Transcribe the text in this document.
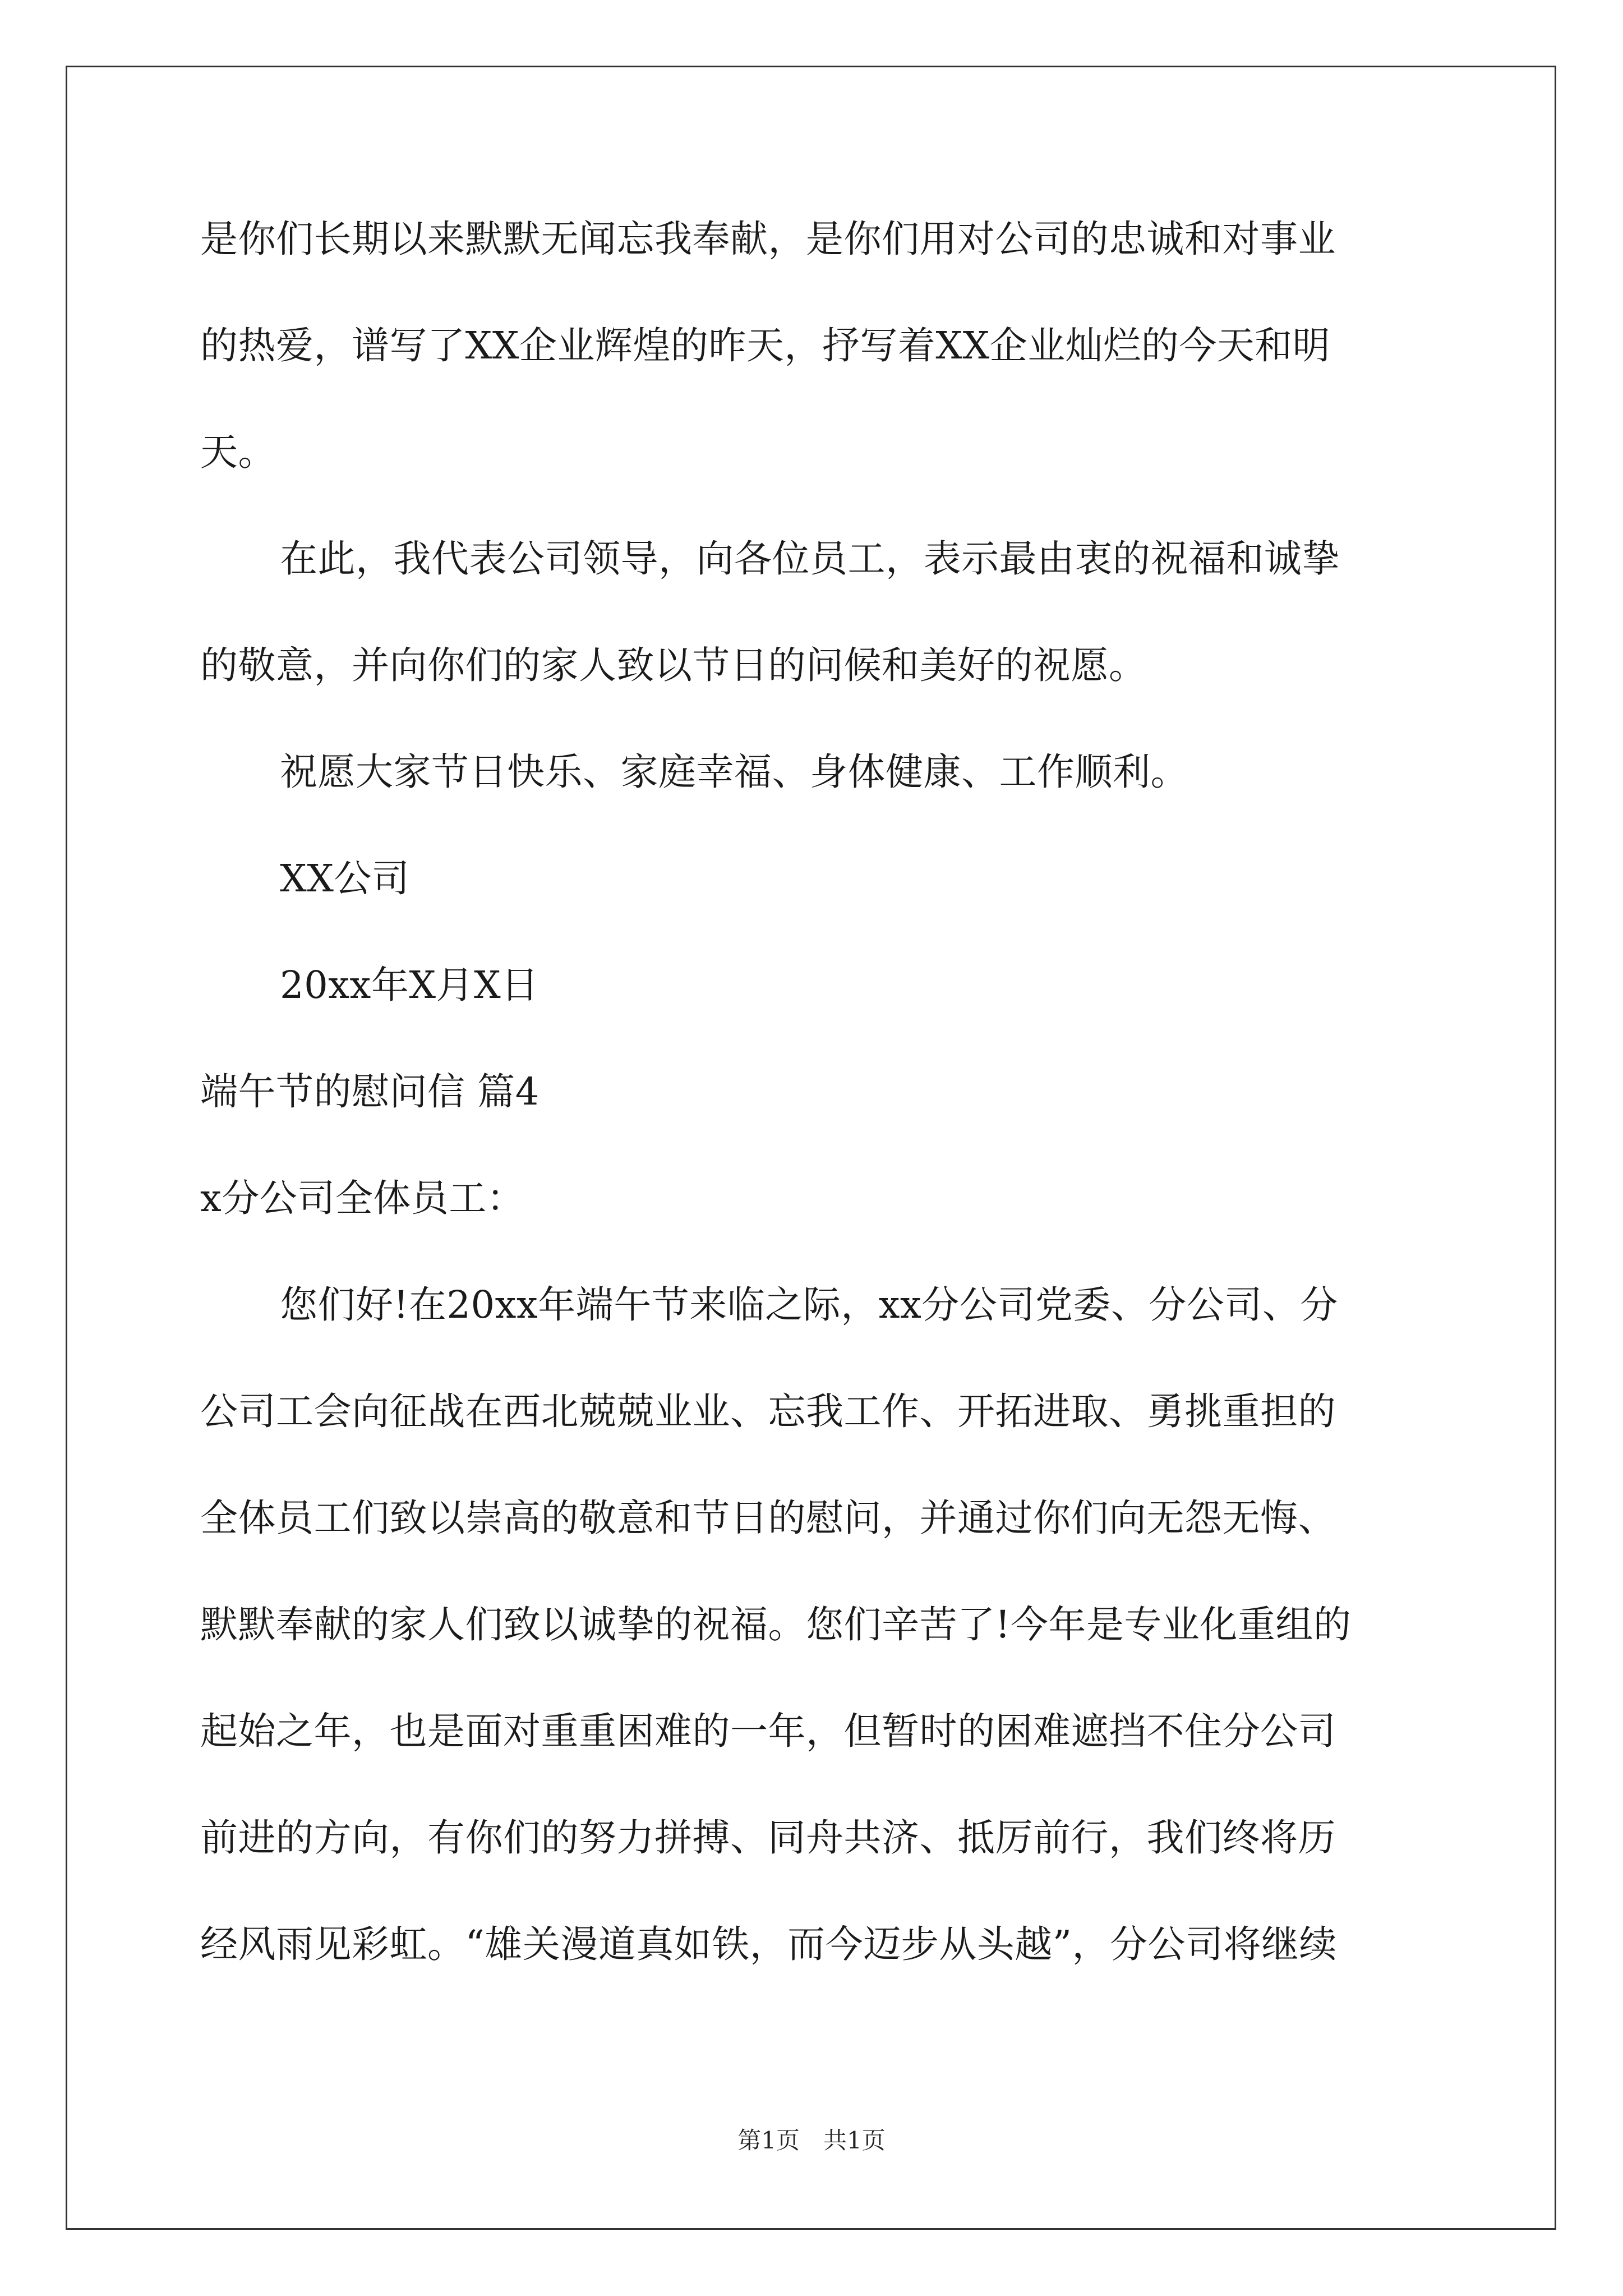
是你们长期以来默默无闻忘我奉献，是你们用对公司的忠诚和对事业
的热爱，谱写了XX企业辉煌的昨天，抒写着XX企业灿烂的今天和明
天。
在此，我代表公司领导，向各位员工，表示最由衷的祝福和诚挚
的敬意，并向你们的家人致以节日的问候和美好的祝愿。
祝愿大家节日快乐、家庭幸福、身体健康、工作顺利。
XX公司
20xx年X月X日
端午节的慰问信 篇4
x分公司全体员工：
您们好!在20xx年端午节来临之际，xx分公司党委、分公司、分
公司工会向征战在西北兢兢业业、忘我工作、开拓进取、勇挑重担的
全体员工们致以崇高的敬意和节日的慰问，并通过你们向无怨无悔、
默默奉献的家人们致以诚挚的祝福。您们辛苦了!今年是专业化重组的
起始之年，也是面对重重困难的一年，但暂时的困难遮挡不住分公司
前进的方向，有你们的努力拼搏、同舟共济、抵厉前行，我们终将历
经风雨见彩虹。“雄关漫道真如铁，而今迈步从头越”，分公司将继续
第1页　共1页
